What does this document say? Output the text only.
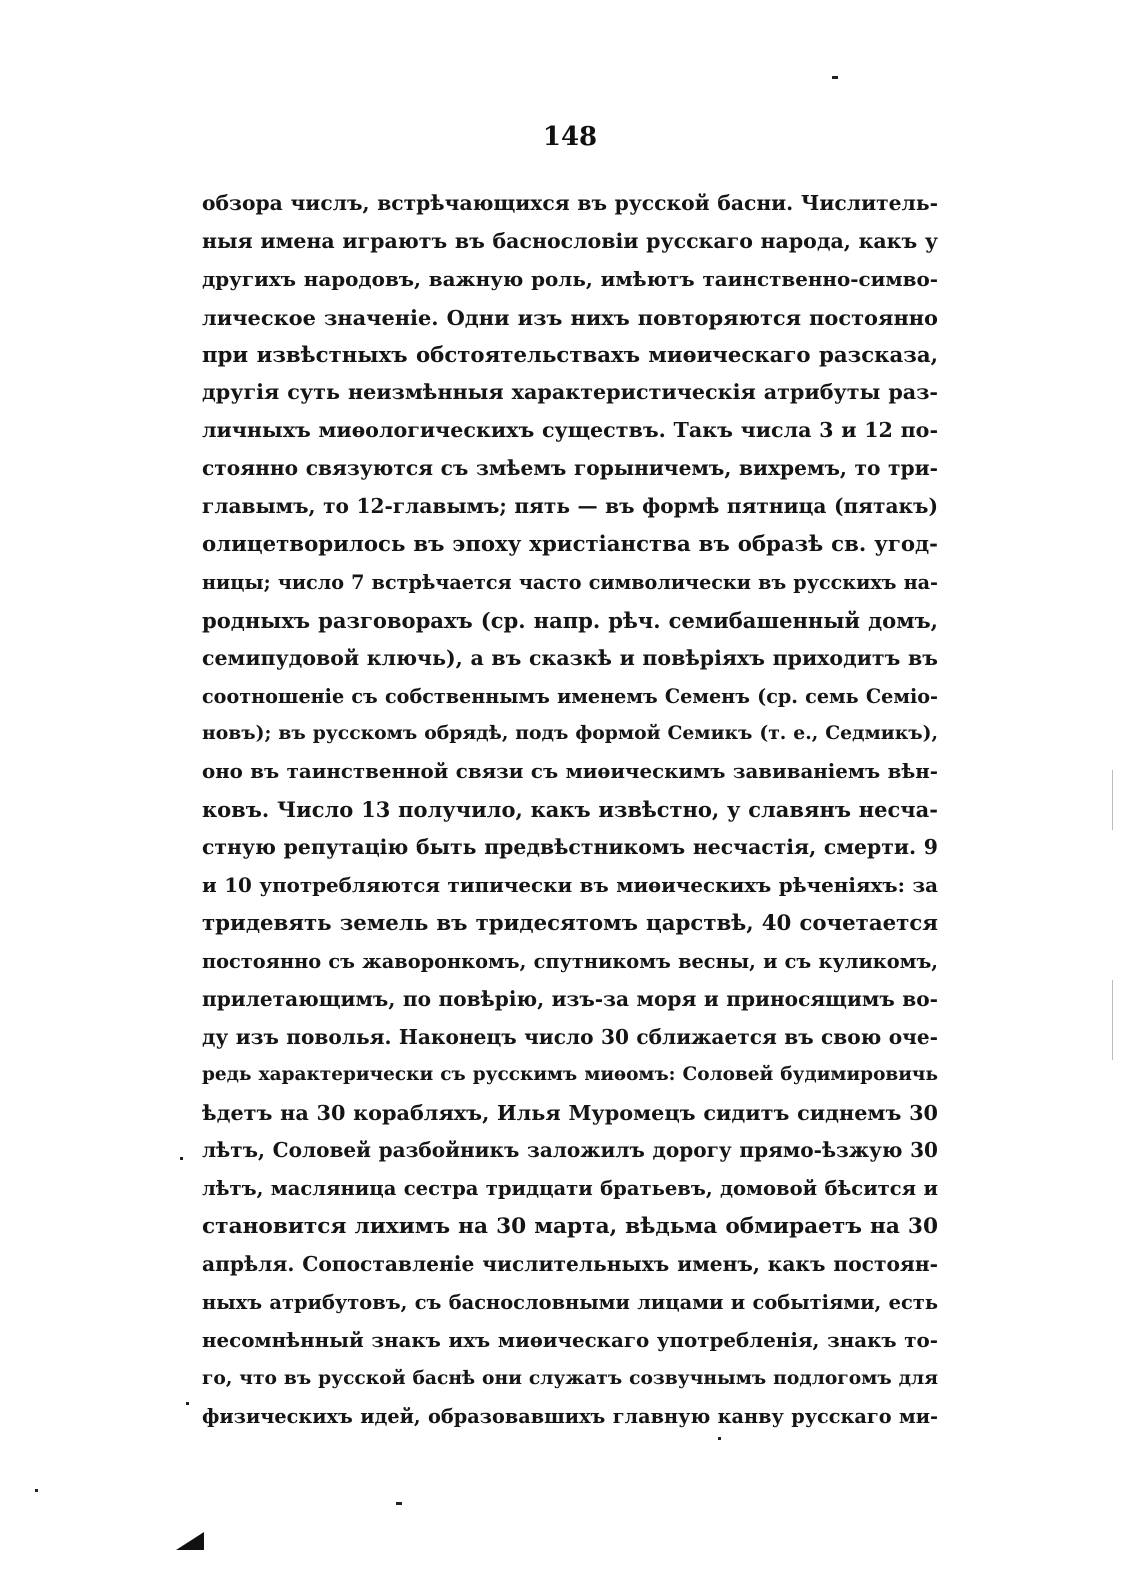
148
обзора числъ, встрѣчающихся въ русской басни. Числитель-
ныя имена играютъ въ баснословіи русскаго народа, какъ у
другихъ народовъ, важную роль, имѣютъ таинственно-симво-
лическое значеніе. Одни изъ нихъ повторяются постоянно
при извѣстныхъ обстоятельствахъ миѳическаго разсказа,
другія суть неизмѣнныя характеристическія атрибуты раз-
личныхъ миѳологическихъ существъ. Такъ числа 3 и 12 по-
стоянно связуются съ змѣемъ горыничемъ, вихремъ, то три-
главымъ, то 12-главымъ; пять — въ формѣ пятница (пятакъ)
олицетворилось въ эпоху христіанства въ образѣ св. угод-
ницы; число 7 встрѣчается часто символически въ русскихъ на-
родныхъ разговорахъ (ср. напр. рѣч. семибашенный домъ,
семипудовой ключь), а въ сказкѣ и повѣріяхъ приходитъ въ
соотношеніе съ собственнымъ именемъ Семенъ (ср. семь Семіо-
новъ); въ русскомъ обрядѣ, подъ формой Семикъ (т. е., Седмикъ),
оно въ таинственной связи съ миѳическимъ завиваніемъ вѣн-
ковъ. Число 13 получило, какъ извѣстно, у славянъ несча-
стную репутацію быть предвѣстникомъ несчастія, смерти. 9
и 10 употребляются типически въ миѳическихъ рѣченіяхъ: за
тридевять земель въ тридесятомъ царствѣ, 40 сочетается
постоянно съ жаворонкомъ, спутникомъ весны, и съ куликомъ,
прилетающимъ, по повѣрію, изъ-за моря и приносящимъ во-
ду изъ поволья. Наконецъ число 30 сближается въ свою оче-
редь характерически съ русскимъ миѳомъ: Соловей будимировичь
ѣдетъ на 30 корабляхъ, Илья Муромецъ сидитъ сиднемъ 30
лѣтъ, Соловей разбойникъ заложилъ дорогу прямо-ѣзжую 30
лѣтъ, масляница сестра тридцати братьевъ, домовой бѣсится и
становится лихимъ на 30 марта, вѣдьма обмираетъ на 30
апрѣля. Сопоставленіе числительныхъ именъ, какъ постоян-
ныхъ атрибутовъ, съ баснословными лицами и событіями, есть
несомнѣнный знакъ ихъ миѳическаго употребленія, знакъ то-
го, что въ русской баснѣ они служатъ созвучнымъ подлогомъ для
физическихъ идей, образовавшихъ главную канву русскаго ми-
